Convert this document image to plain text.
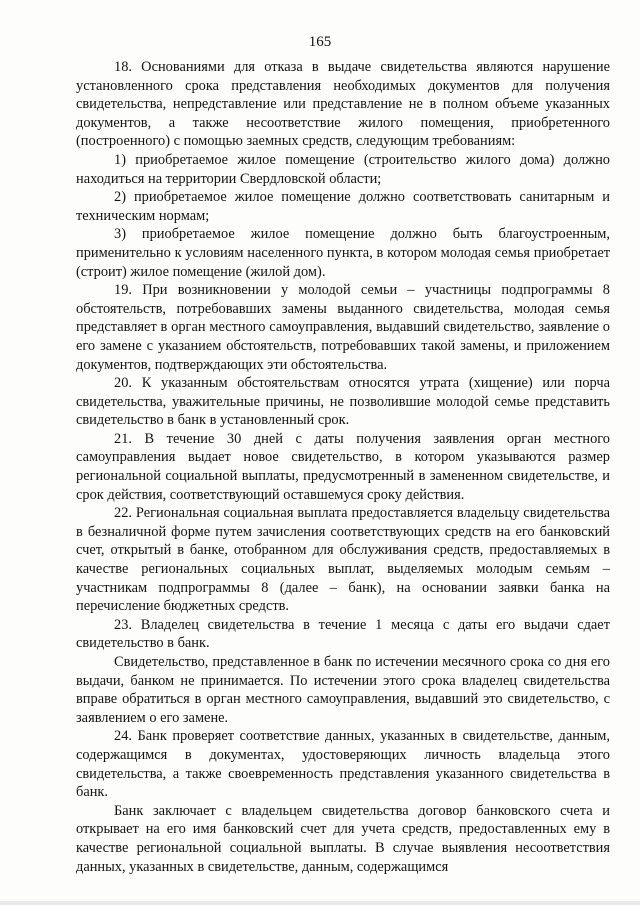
165

18. Основаниями для отказа в выдаче свидетельства являются нарушение установленного срока представления необходимых документов для получения свидетельства, непредставление или представление не в полном объеме указанных документов, а также несоответствие жилого помещения, приобретенного (построенного) с помощью заемных средств, следующим требованиям:

1) приобретаемое жилое помещение (строительство жилого дома) должно находиться на территории Свердловской области;

2) приобретаемое жилое помещение должно соответствовать санитарным и техническим нормам;

3) приобретаемое жилое помещение должно быть благоустроенным, применительно к условиям населенного пункта, в котором молодая семья приобретает (строит) жилое помещение (жилой дом).

19. При возникновении у молодой семьи – участницы подпрограммы 8 обстоятельств, потребовавших замены выданного свидетельства, молодая семья представляет в орган местного самоуправления, выдавший свидетельство, заявление о его замене с указанием обстоятельств, потребовавших такой замены, и приложением документов, подтверждающих эти обстоятельства.

20. К указанным обстоятельствам относятся утрата (хищение) или порча свидетельства, уважительные причины, не позволившие молодой семье представить свидетельство в банк в установленный срок.

21. В течение 30 дней с даты получения заявления орган местного самоуправления выдает новое свидетельство, в котором указываются размер региональной социальной выплаты, предусмотренный в замененном свидетельстве, и срок действия, соответствующий оставшемуся сроку действия.

22. Региональная социальная выплата предоставляется владельцу свидетельства в безналичной форме путем зачисления соответствующих средств на его банковский счет, открытый в банке, отобранном для обслуживания средств, предоставляемых в качестве региональных социальных выплат, выделяемых молодым семьям – участникам подпрограммы 8 (далее – банк), на основании заявки банка на перечисление бюджетных средств.

23. Владелец свидетельства в течение 1 месяца с даты его выдачи сдает свидетельство в банк.

Свидетельство, представленное в банк по истечении месячного срока со дня его выдачи, банком не принимается. По истечении этого срока владелец свидетельства вправе обратиться в орган местного самоуправления, выдавший это свидетельство, с заявлением о его замене.

24. Банк проверяет соответствие данных, указанных в свидетельстве, данным, содержащимся в документах, удостоверяющих личность владельца этого свидетельства, а также своевременность представления указанного свидетельства в банк.

Банк заключает с владельцем свидетельства договор банковского счета и открывает на его имя банковский счет для учета средств, предоставленных ему в качестве региональной социальной выплаты. В случае выявления несоответствия данных, указанных в свидетельстве, данным, содержащимся
